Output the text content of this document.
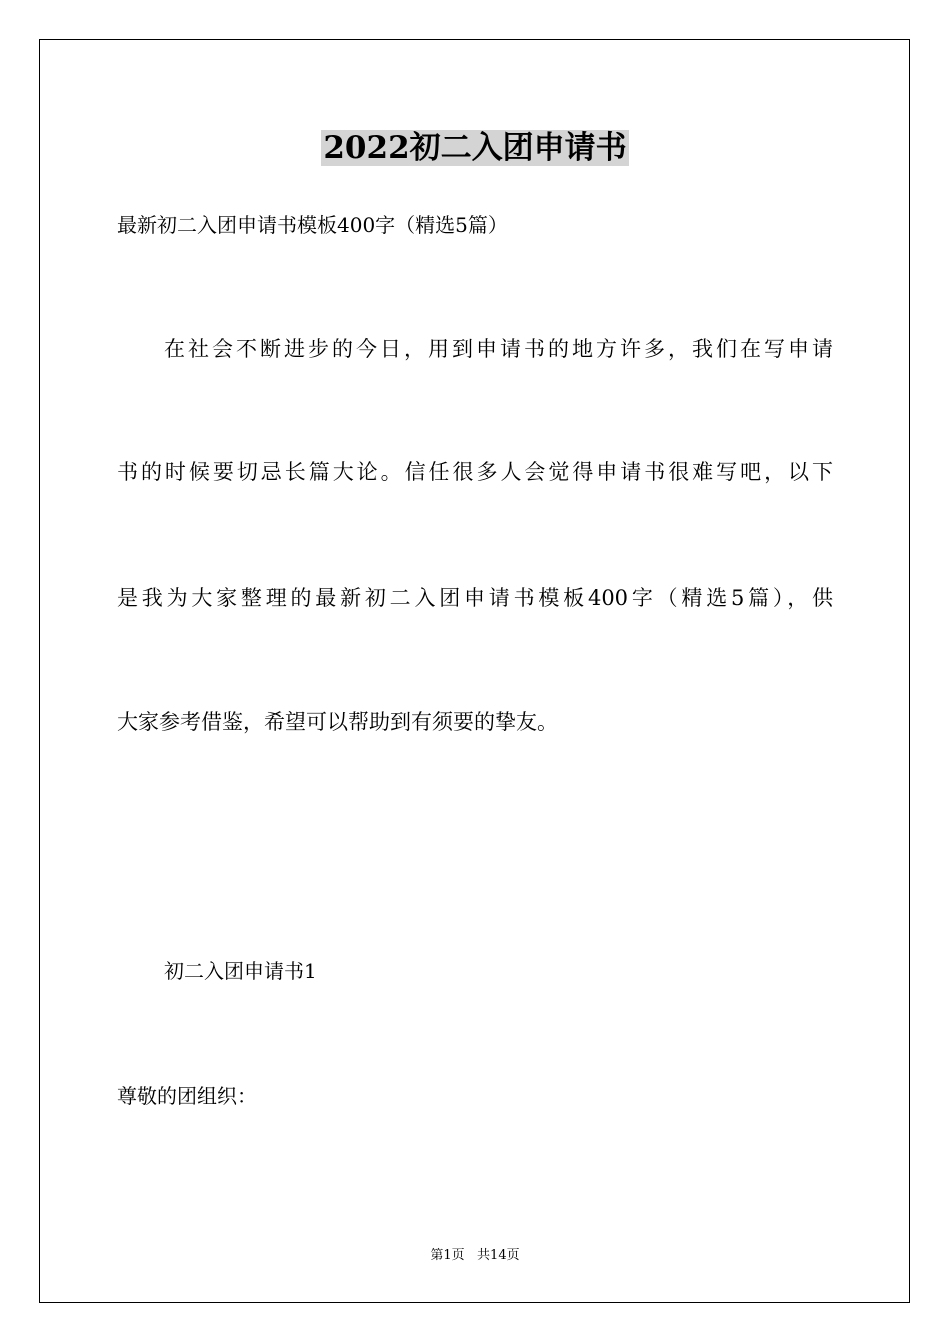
2022初二入团申请书
最新初二入团申请书模板400字（精选5篇）
在社会不断进步的今日，用到申请书的地方许多，我们在写申请
书的时候要切忌长篇大论。信任很多人会觉得申请书很难写吧，以下
是我为大家整理的最新初二入团申请书模板400字（精选5篇），供
大家参考借鉴，希望可以帮助到有须要的挚友。
初二入团申请书1
尊敬的团组织：
第1页   共14页
